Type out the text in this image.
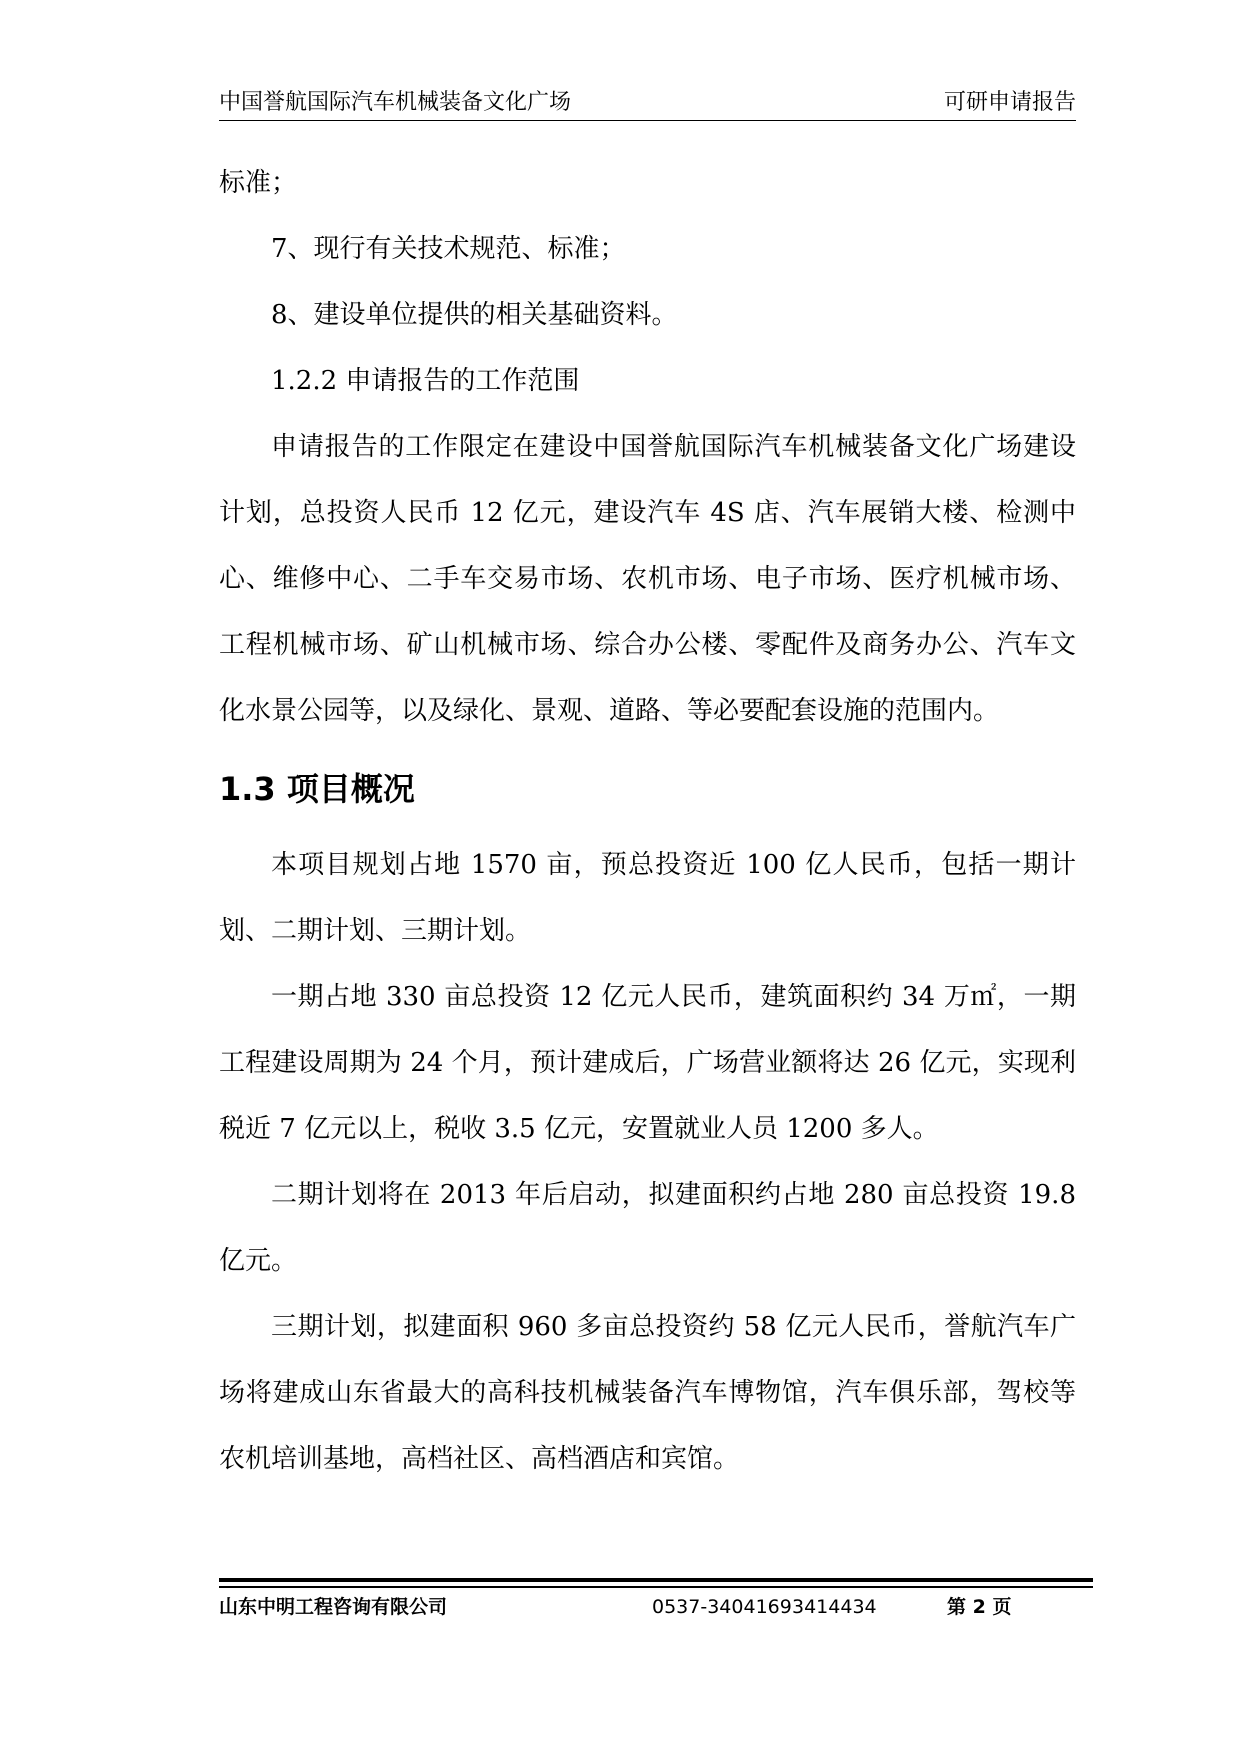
中国誉航国际汽车机械装备文化广场	可研申请报告

标准；

7、现行有关技术规范、标准；

8、建设单位提供的相关基础资料。

1.2.2 申请报告的工作范围

申请报告的工作限定在建设中国誉航国际汽车机械装备文化广场建设计划，总投资人民币 12 亿元，建设汽车 4S 店、汽车展销大楼、检测中心、维修中心、二手车交易市场、农机市场、电子市场、医疗机械市场、工程机械市场、矿山机械市场、综合办公楼、零配件及商务办公、汽车文化水景公园等，以及绿化、景观、道路、等必要配套设施的范围内。

1.3 项目概况

本项目规划占地 1570 亩，预总投资近 100 亿人民币，包括一期计划、二期计划、三期计划。

一期占地 330 亩总投资 12 亿元人民币，建筑面积约 34 万㎡，一期工程建设周期为 24 个月，预计建成后，广场营业额将达 26 亿元，实现利税近 7 亿元以上，税收 3.5 亿元，安置就业人员 1200 多人。

二期计划将在 2013 年后启动，拟建面积约占地 280 亩总投资 19.8 亿元。

三期计划，拟建面积 960 多亩总投资约 58 亿元人民币，誉航汽车广场将建成山东省最大的高科技机械装备汽车博物馆，汽车俱乐部，驾校等农机培训基地，高档社区、高档酒店和宾馆。

山东中明工程咨询有限公司	0537-3404169 3414434	第 2 页
